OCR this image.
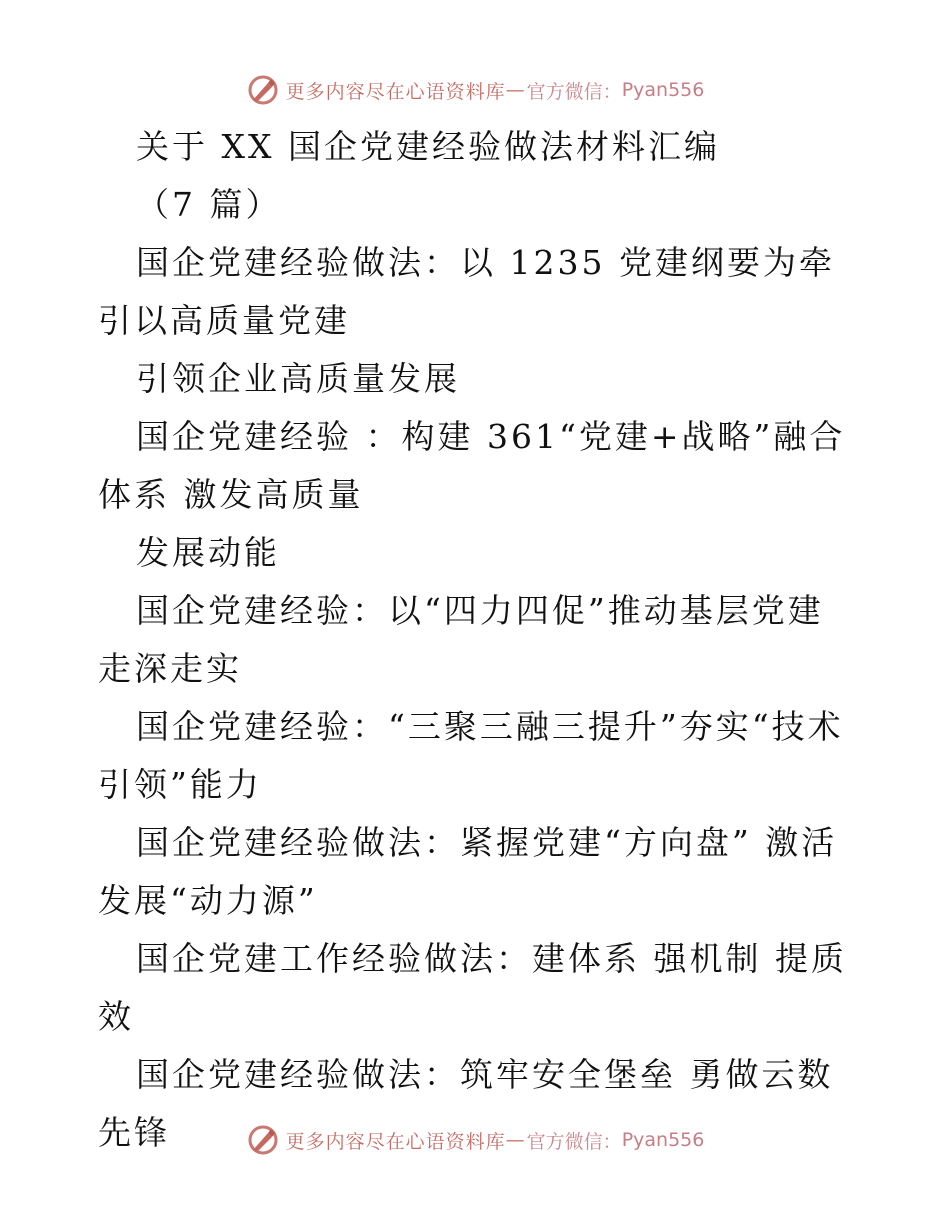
更多内容尽在心语资料库 — 官方微信： Pyan556

关于 XX 国企党建经验做法材料汇编

（7 篇）

国企党建经验做法：以 1235 党建纲要为牵引以高质量党建

引领企业高质量发展

国企党建经验 ：构建 361“党建+战略”融合体系 激发高质量

发展动能

国企党建经验：以“四力四促”推动基层党建走深走实

国企党建经验：“三聚三融三提升”夯实“技术引领”能力

国企党建经验做法：紧握党建“方向盘” 激活发展“动力源”

国企党建工作经验做法：建体系 强机制 提质效

国企党建经验做法：筑牢安全堡垒 勇做云数先锋	更多内容尽在心语资料库 — 官方微信： Pyan556
